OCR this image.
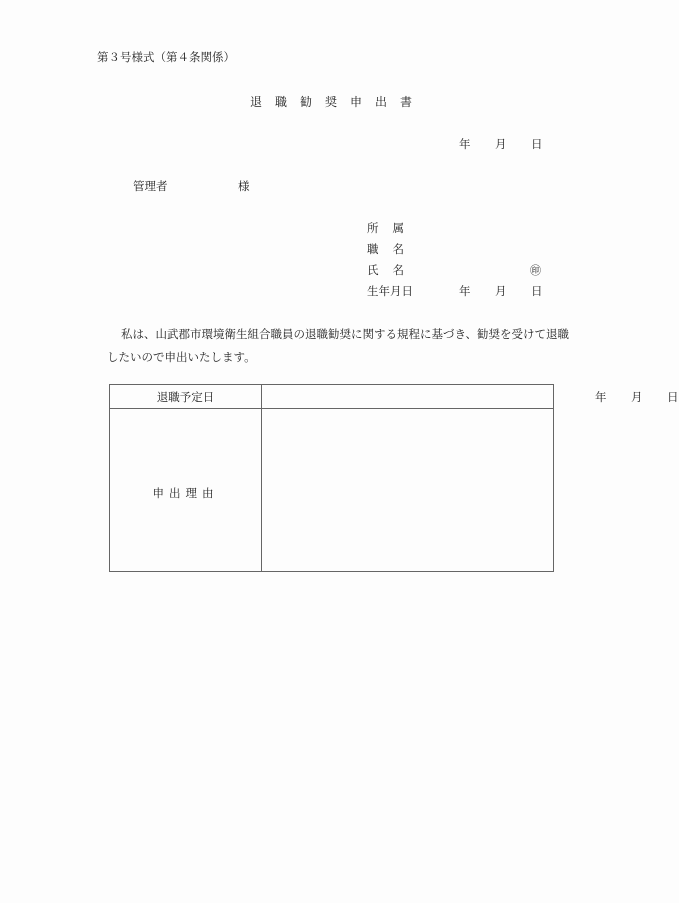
第３号様式（第４条関係）
退職勧奨申出書
年 月 日
管理者	様
所 属
職 名
氏 名	㊞
生年月日	年 月 日
私は、山武郡市環境衛生組合職員の退職勧奨に関する規程に基づき、勧奨を受けて退職したいので申出いたします。
退職予定日	年 月 日

申出理由	
